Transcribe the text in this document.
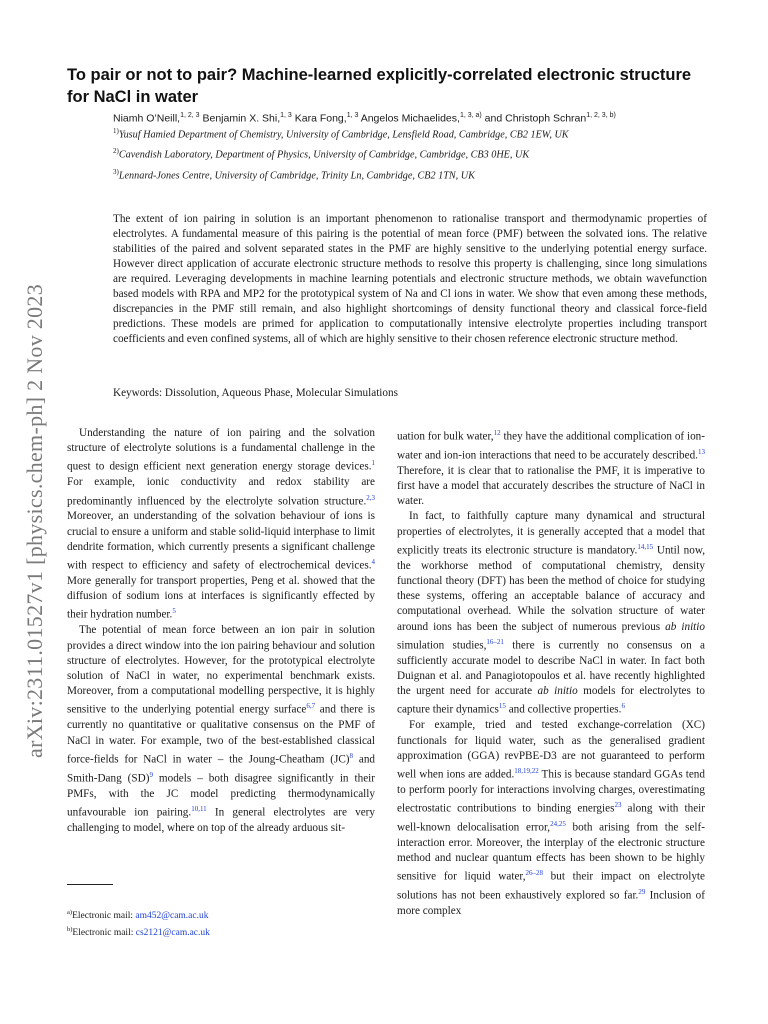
arXiv:2311.01527v1 [physics.chem-ph] 2 Nov 2023
To pair or not to pair? Machine-learned explicitly-correlated electronic structure for NaCl in water
Niamh O’Neill,$^{1, 2, 3}$ Benjamin X. Shi,$^{1, 3}$ Kara Fong,$^{1, 3}$ Angelos Michaelides,$^{1, 3, a)}$ and Christoph Schran$^{1, 2, 3, b)}$
$^{1)}$Yusuf Hamied Department of Chemistry, University of Cambridge, Lensfield Road, Cambridge, CB2 1EW, UK
$^{2)}$Cavendish Laboratory, Department of Physics, University of Cambridge, Cambridge, CB3 0HE, UK
$^{3)}$Lennard-Jones Centre, University of Cambridge, Trinity Ln, Cambridge, CB2 1TN, UK

The extent of ion pairing in solution is an important phenomenon to rationalise transport and thermodynamic properties of electrolytes. A fundamental measure of this pairing is the potential of mean force (PMF) between the solvated ions. The relative stabilities of the paired and solvent separated states in the PMF are highly sensitive to the underlying potential energy surface. However direct application of accurate electronic structure methods to resolve this property is challenging, since long simulations are required. Leveraging developments in machine learning potentials and electronic structure methods, we obtain wavefunction based models with RPA and MP2 for the prototypical system of Na and Cl ions in water. We show that even among these methods, discrepancies in the PMF still remain, and also highlight shortcomings of density functional theory and classical force-field predictions. These models are primed for application to computationally intensive electrolyte properties including transport coefficients and even confined systems, all of which are highly sensitive to their chosen reference electronic structure method.

Keywords: Dissolution, Aqueous Phase, Molecular Simulations

Understanding the nature of ion pairing and the solvation structure of electrolyte solutions is a fundamental challenge in the quest to design efficient next generation energy storage devices.$^1$ For example, ionic conductivity and redox stability are predominantly influenced by the electrolyte solvation structure.$^{2,3}$ Moreover, an understanding of the solvation behaviour of ions is crucial to ensure a uniform and stable solid-liquid interphase to limit dendrite formation, which currently presents a significant challenge with respect to efficiency and safety of electrochemical devices.$^4$ More generally for transport properties, Peng et al. showed that the diffusion of sodium ions at interfaces is significantly effected by their hydration number.$^5$

The potential of mean force between an ion pair in solution provides a direct window into the ion pairing behaviour and solution structure of electrolytes. However, for the prototypical electrolyte solution of NaCl in water, no experimental benchmark exists. Moreover, from a computational modelling perspective, it is highly sensitive to the underlying potential energy surface$^{6,7}$ and there is currently no quantitative or qualitative consensus on the PMF of NaCl in water. For example, two of the best-established classical force-fields for NaCl in water – the Joung-Cheatham (JC)$^8$ and Smith-Dang (SD)$^9$ models – both disagree significantly in their PMFs, with the JC model predicting thermodynamically unfavourable ion pairing.$^{10,11}$ In general electrolytes are very challenging to model, where on top of the already arduous sit-

uation for bulk water,$^{12}$ they have the additional complication of ion-water and ion-ion interactions that need to be accurately described.$^{13}$ Therefore, it is clear that to rationalise the PMF, it is imperative to first have a model that accurately describes the structure of NaCl in water.

In fact, to faithfully capture many dynamical and structural properties of electrolytes, it is generally accepted that a model that explicitly treats its electronic structure is mandatory.$^{14,15}$ Until now, the workhorse method of computational chemistry, density functional theory (DFT) has been the method of choice for studying these systems, offering an acceptable balance of accuracy and computational overhead. While the solvation structure of water around ions has been the subject of numerous previous ab initio simulation studies,$^{16-21}$ there is currently no consensus on a sufficiently accurate model to describe NaCl in water. In fact both Duignan et al. and Panagiotopoulos et al. have recently highlighted the urgent need for accurate ab initio models for electrolytes to capture their dynamics$^{15}$ and collective properties.$^6$

For example, tried and tested exchange-correlation (XC) functionals for liquid water, such as the generalised gradient approximation (GGA) revPBE-D3 are not guaranteed to perform well when ions are added.$^{18,19,22}$ This is because standard GGAs tend to perform poorly for interactions involving charges, overestimating electrostatic contributions to binding energies$^{23}$ along with their well-known delocalisation error,$^{24,25}$ both arising from the self-interaction error. Moreover, the interplay of the electronic structure method and nuclear quantum effects has been shown to be highly sensitive for liquid water,$^{26-28}$ but their impact on electrolyte solutions has not been exhaustively explored so far.$^{29}$ Inclusion of more complex

$^{a)}$Electronic mail: am452@cam.ac.uk
$^{b)}$Electronic mail: cs2121@cam.ac.uk
